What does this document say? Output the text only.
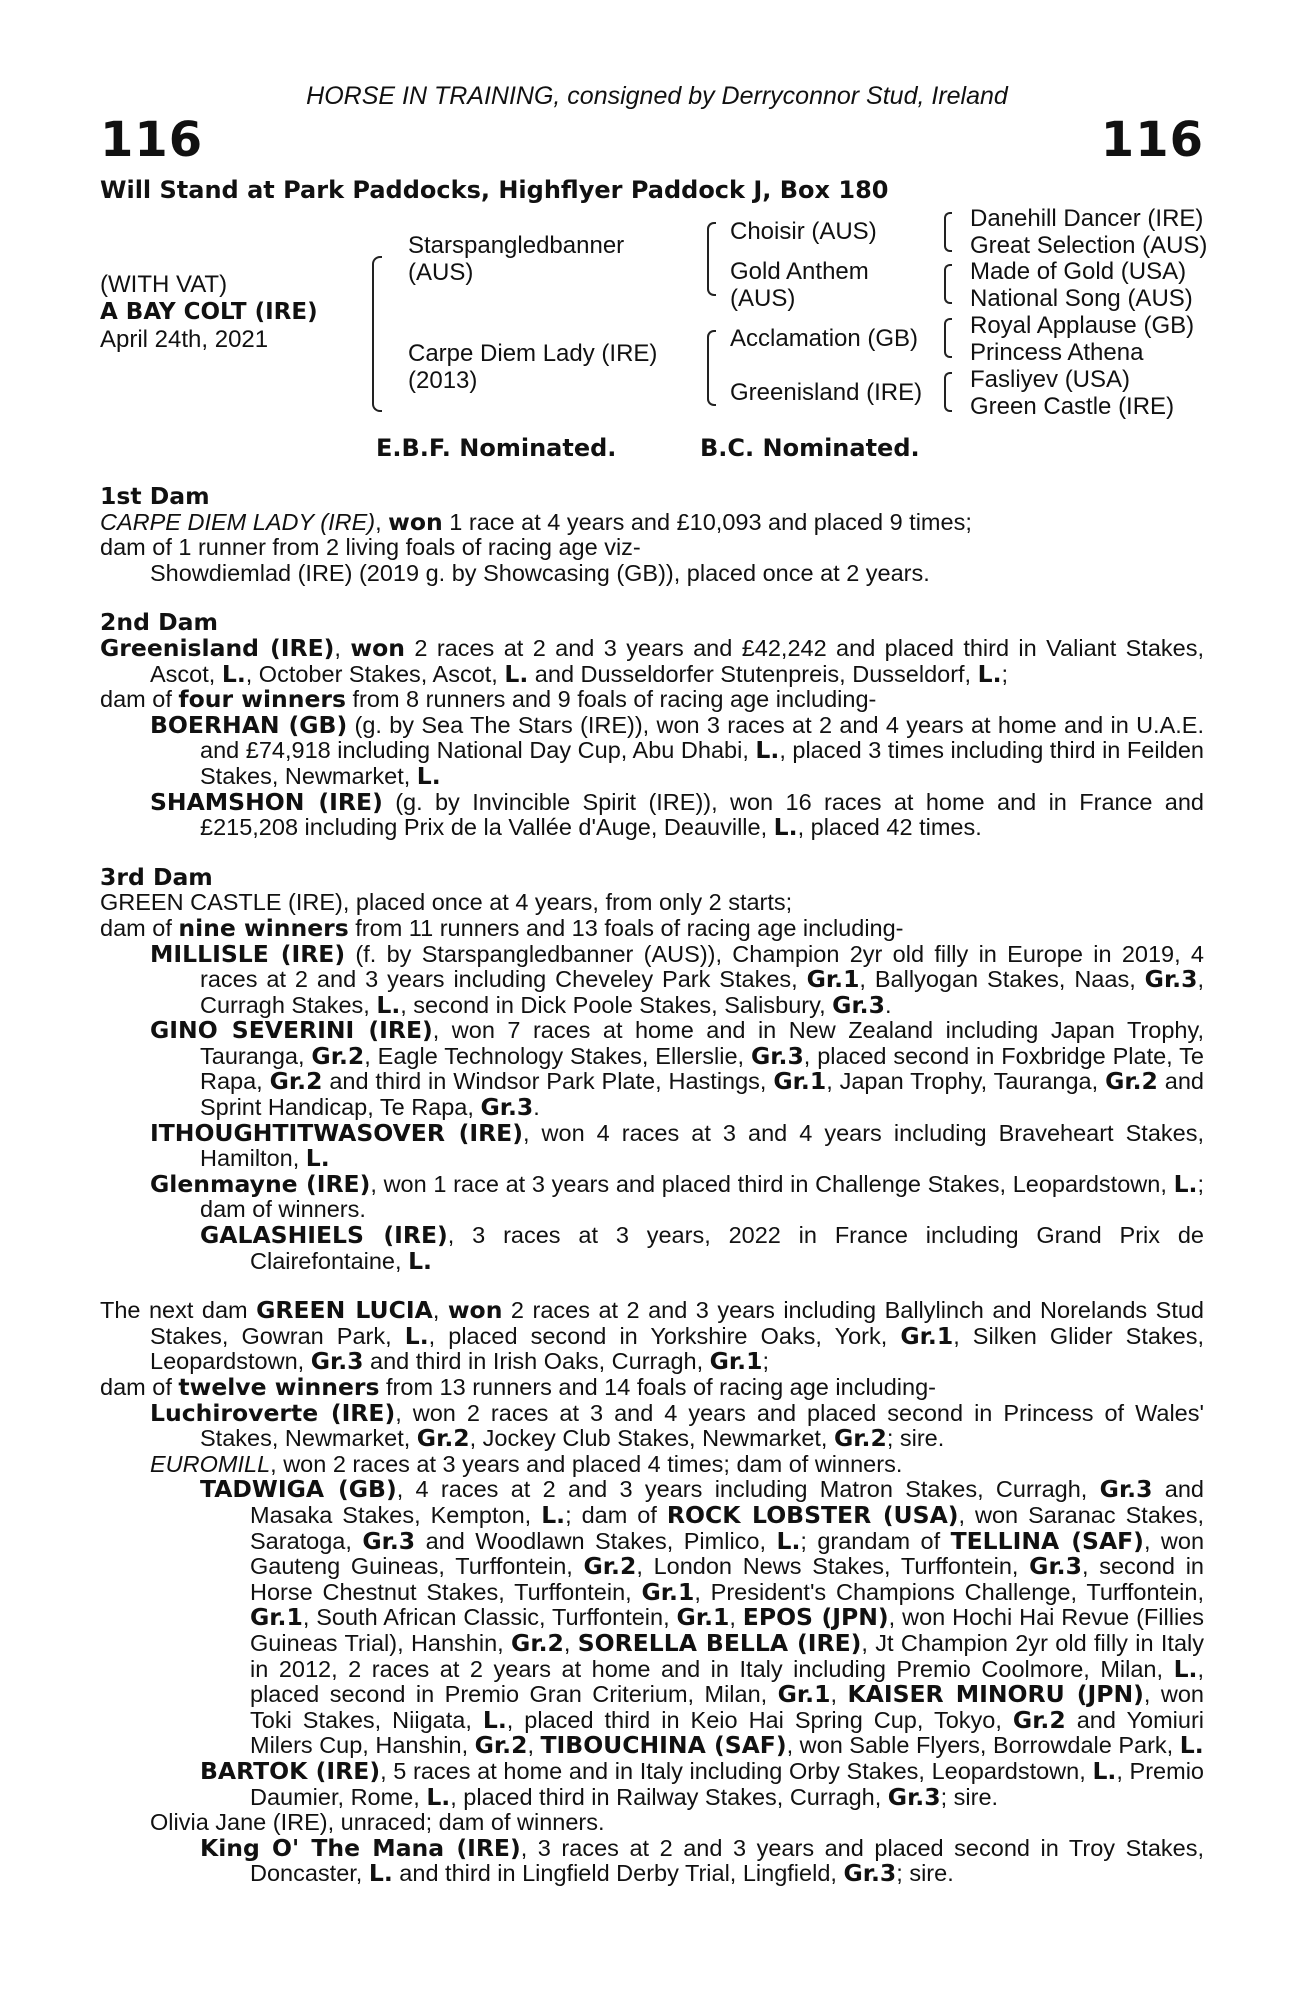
HORSE IN TRAINING, consigned by Derryconnor Stud, Ireland
116	116
Will Stand at Park Paddocks, Highflyer Paddock J, Box 180
(WITH VAT)
A BAY COLT (IRE)
April 24th, 2021
Starspangledbanner
(AUS)
Carpe Diem Lady (IRE)
(2013)
Choisir (AUS)
Gold Anthem
(AUS)
Acclamation (GB)
Greenisland (IRE)
Danehill Dancer (IRE)
Great Selection (AUS)
Made of Gold (USA)
National Song (AUS)
Royal Applause (GB)
Princess Athena
Fasliyev (USA)
Green Castle (IRE)
E.B.F. Nominated.	B.C. Nominated.

1st Dam

CARPE DIEM LADY (IRE), won 1 race at 4 years and £10,093 and placed 9 times;

dam of 1 runner from 2 living foals of racing age viz-

Showdiemlad (IRE) (2019 g. by Showcasing (GB)), placed once at 2 years.

2nd Dam

Greenisland (IRE), won 2 races at 2 and 3 years and £42,242 and placed third in Valiant Stakes, Ascot, L., October Stakes, Ascot, L. and Dusseldorfer Stutenpreis, Dusseldorf, L.;

dam of four winners from 8 runners and 9 foals of racing age including-

BOERHAN (GB) (g. by Sea The Stars (IRE)), won 3 races at 2 and 4 years at home and in U.A.E. and £74,918 including National Day Cup, Abu Dhabi, L., placed 3 times including third in Feilden Stakes, Newmarket, L.

SHAMSHON (IRE) (g. by Invincible Spirit (IRE)), won 16 races at home and in France and £215,208 including Prix de la Vallée d'Auge, Deauville, L., placed 42 times.

3rd Dam

GREEN CASTLE (IRE), placed once at 4 years, from only 2 starts;

dam of nine winners from 11 runners and 13 foals of racing age including-

MILLISLE (IRE) (f. by Starspangledbanner (AUS)), Champion 2yr old filly in Europe in 2019, 4 races at 2 and 3 years including Cheveley Park Stakes, Gr.1, Ballyogan Stakes, Naas, Gr.3, Curragh Stakes, L., second in Dick Poole Stakes, Salisbury, Gr.3.

GINO SEVERINI (IRE), won 7 races at home and in New Zealand including Japan Trophy, Tauranga, Gr.2, Eagle Technology Stakes, Ellerslie, Gr.3, placed second in Foxbridge Plate, Te Rapa, Gr.2 and third in Windsor Park Plate, Hastings, Gr.1, Japan Trophy, Tauranga, Gr.2 and Sprint Handicap, Te Rapa, Gr.3.

ITHOUGHTITWASOVER (IRE), won 4 races at 3 and 4 years including Braveheart Stakes, Hamilton, L.

Glenmayne (IRE), won 1 race at 3 years and placed third in Challenge Stakes, Leopardstown, L.; dam of winners.

GALASHIELS (IRE), 3 races at 3 years, 2022 in France including Grand Prix de Clairefontaine, L.

The next dam GREEN LUCIA, won 2 races at 2 and 3 years including Ballylinch and Norelands Stud Stakes, Gowran Park, L., placed second in Yorkshire Oaks, York, Gr.1, Silken Glider Stakes, Leopardstown, Gr.3 and third in Irish Oaks, Curragh, Gr.1;

dam of twelve winners from 13 runners and 14 foals of racing age including-

Luchiroverte (IRE), won 2 races at 3 and 4 years and placed second in Princess of Wales' Stakes, Newmarket, Gr.2, Jockey Club Stakes, Newmarket, Gr.2; sire.

EUROMILL, won 2 races at 3 years and placed 4 times; dam of winners.

TADWIGA (GB), 4 races at 2 and 3 years including Matron Stakes, Curragh, Gr.3 and Masaka Stakes, Kempton, L.; dam of ROCK LOBSTER (USA), won Saranac Stakes, Saratoga, Gr.3 and Woodlawn Stakes, Pimlico, L.; grandam of TELLINA (SAF), won Gauteng Guineas, Turffontein, Gr.2, London News Stakes, Turffontein, Gr.3, second in Horse Chestnut Stakes, Turffontein, Gr.1, President's Champions Challenge, Turffontein, Gr.1, South African Classic, Turffontein, Gr.1, EPOS (JPN), won Hochi Hai Revue (Fillies Guineas Trial), Hanshin, Gr.2, SORELLA BELLA (IRE), Jt Champion 2yr old filly in Italy in 2012, 2 races at 2 years at home and in Italy including Premio Coolmore, Milan, L., placed second in Premio Gran Criterium, Milan, Gr.1, KAISER MINORU (JPN), won Toki Stakes, Niigata, L., placed third in Keio Hai Spring Cup, Tokyo, Gr.2 and Yomiuri Milers Cup, Hanshin, Gr.2, TIBOUCHINA (SAF), won Sable Flyers, Borrowdale Park, L.

BARTOK (IRE), 5 races at home and in Italy including Orby Stakes, Leopardstown, L., Premio Daumier, Rome, L., placed third in Railway Stakes, Curragh, Gr.3; sire.

Olivia Jane (IRE), unraced; dam of winners.

King O' The Mana (IRE), 3 races at 2 and 3 years and placed second in Troy Stakes, Doncaster, L. and third in Lingfield Derby Trial, Lingfield, Gr.3; sire.
